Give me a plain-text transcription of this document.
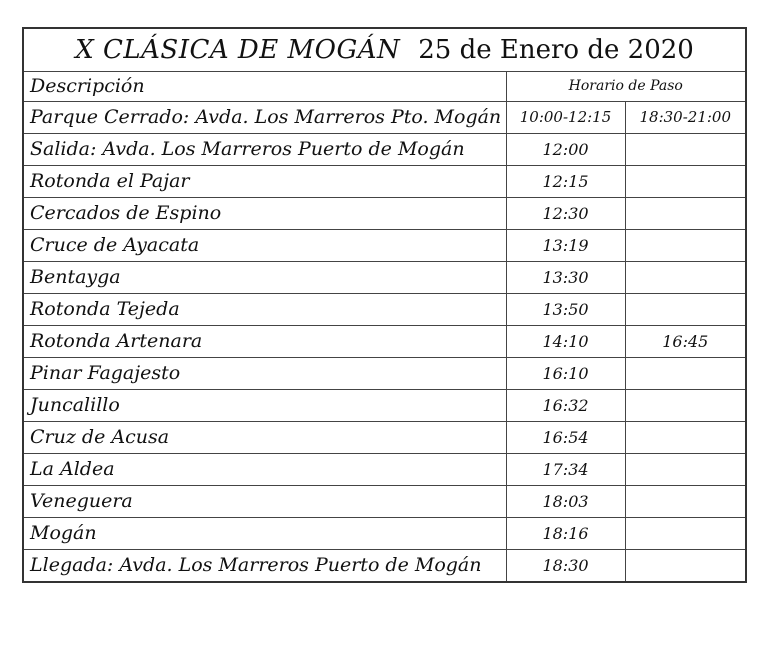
X CLÁSICA DE MOGÁN 25 de Enero de 2020		
Descripción	Horario de Paso	
Parque Cerrado: Avda. Los Marreros Pto. Mogán	10:00-12:15	18:30-21:00
Salida: Avda. Los Marreros Puerto de Mogán	12:00	
Rotonda el Pajar	12:15	
Cercados de Espino	12:30	
Cruce de Ayacata	13:19	
Bentayga	13:30	
Rotonda Tejeda	13:50	
Rotonda Artenara	14:10	16:45
Pinar Fagajesto	16:10	
Juncalillo	16:32	
Cruz de Acusa	16:54	
La Aldea	17:34	
Veneguera	18:03	
Mogán	18:16	
Llegada: Avda. Los Marreros Puerto de Mogán	18:30	
